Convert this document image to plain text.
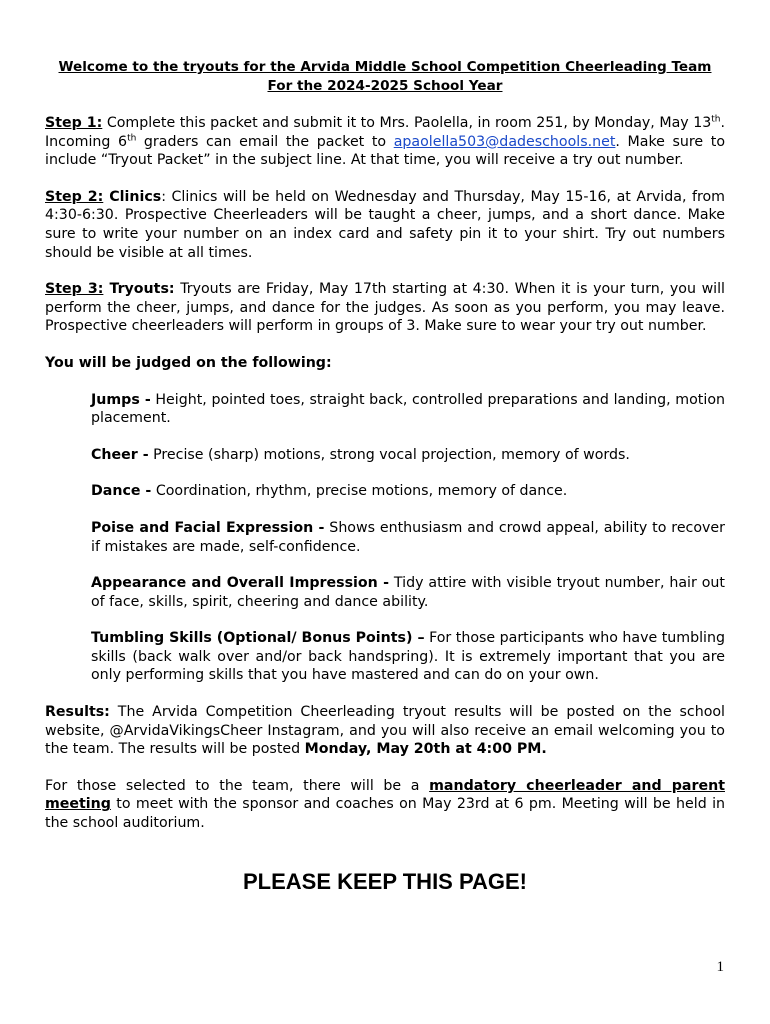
Welcome to the tryouts for the Arvida Middle School Competition Cheerleading Team

For the 2024-2025 School Year

Step 1: Complete this packet and submit it to Mrs. Paolella, in room 251, by Monday, May 13th. Incoming 6th graders can email the packet to apaolella503@dadeschools.net. Make sure to include “Tryout Packet” in the subject line. At that time, you will receive a try out number.

Step 2: Clinics: Clinics will be held on Wednesday and Thursday, May 15-16, at Arvida, from 4:30-6:30. Prospective Cheerleaders will be taught a cheer, jumps, and a short dance. Make sure to write your number on an index card and safety pin it to your shirt. Try out numbers should be visible at all times.

Step 3: Tryouts: Tryouts are Friday, May 17th starting at 4:30. When it is your turn, you will perform the cheer, jumps, and dance for the judges. As soon as you perform, you may leave. Prospective cheerleaders will perform in groups of 3. Make sure to wear your try out number.

You will be judged on the following:

Jumps - Height, pointed toes, straight back, controlled preparations and landing, motion placement.

Cheer - Precise (sharp) motions, strong vocal projection, memory of words.

Dance - Coordination, rhythm, precise motions, memory of dance.

Poise and Facial Expression - Shows enthusiasm and crowd appeal, ability to recover if mistakes are made, self-confidence.

Appearance and Overall Impression - Tidy attire with visible tryout number, hair out of face, skills, spirit, cheering and dance ability.

Tumbling Skills (Optional/ Bonus Points) – For those participants who have tumbling skills (back walk over and/or back handspring). It is extremely important that you are only performing skills that you have mastered and can do on your own.

Results: The Arvida Competition Cheerleading tryout results will be posted on the school website, @ArvidaVikingsCheer Instagram, and you will also receive an email welcoming you to the team. The results will be posted Monday, May 20th at 4:00 PM.

For those selected to the team, there will be a mandatory cheerleader and parent meeting to meet with the sponsor and coaches on May 23rd at 6 pm. Meeting will be held in the school auditorium.

PLEASE KEEP THIS PAGE!

1
